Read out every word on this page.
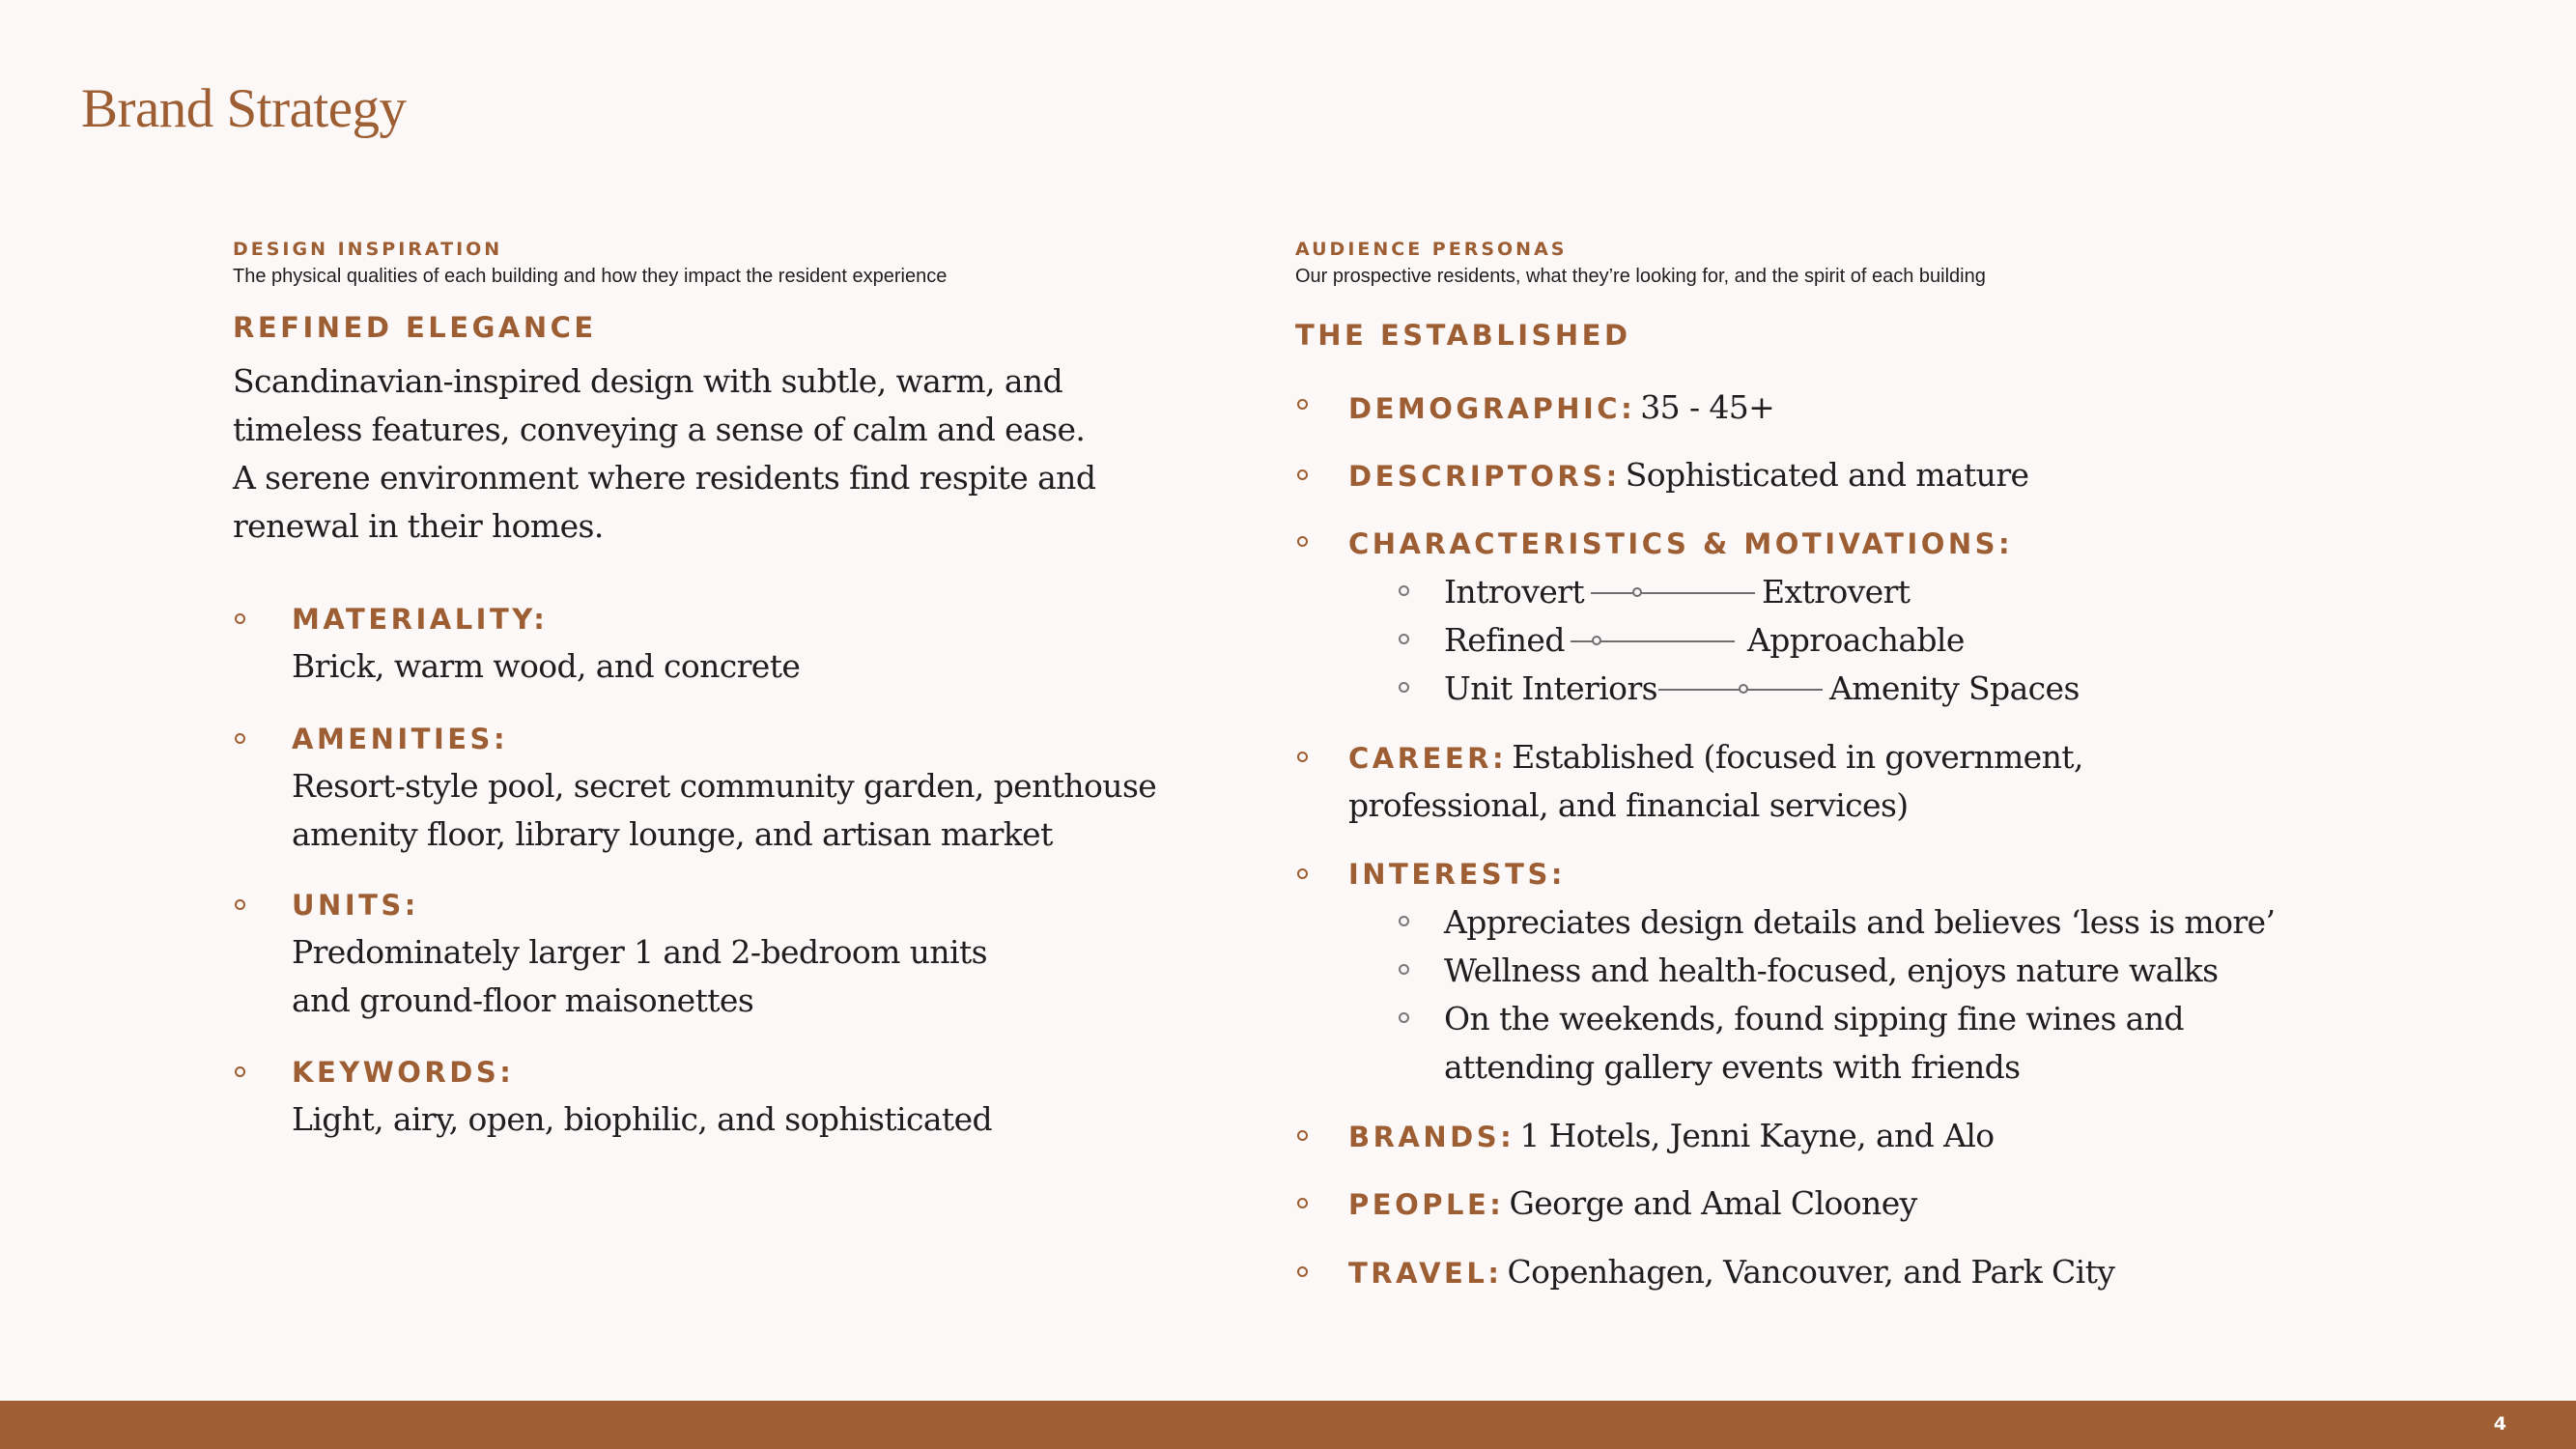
Brand Strategy
DESIGN INSPIRATION
The physical qualities of each building and how they impact the resident experience
REFINED ELEGANCE
Scandinavian-inspired design with subtle, warm, and
timeless features, conveying a sense of calm and ease.
A serene environment where residents find respite and
renewal in their homes.
MATERIALITY:
Brick, warm wood, and concrete
AMENITIES:
Resort-style pool, secret community garden, penthouse
amenity floor, library lounge, and artisan market
UNITS:
Predominately larger 1 and 2-bedroom units
and ground-floor maisonettes
KEYWORDS:
Light, airy, open, biophilic, and sophisticated
AUDIENCE PERSONAS
Our prospective residents, what they’re looking for, and the spirit of each building
THE ESTABLISHED
DEMOGRAPHIC: 35 - 45+
DESCRIPTORS: Sophisticated and mature
CHARACTERISTICS & MOTIVATIONS:
Introvert	Extrovert
Refined	Approachable
Unit Interiors	Amenity Spaces
CAREER: Established (focused in government,
professional, and financial services)
INTERESTS:
Appreciates design details and believes ‘less is more’
Wellness and health-focused, enjoys nature walks
On the weekends, found sipping fine wines and
attending gallery events with friends
BRANDS: 1 Hotels, Jenni Kayne, and Alo
PEOPLE: George and Amal Clooney
TRAVEL: Copenhagen, Vancouver, and Park City
4
